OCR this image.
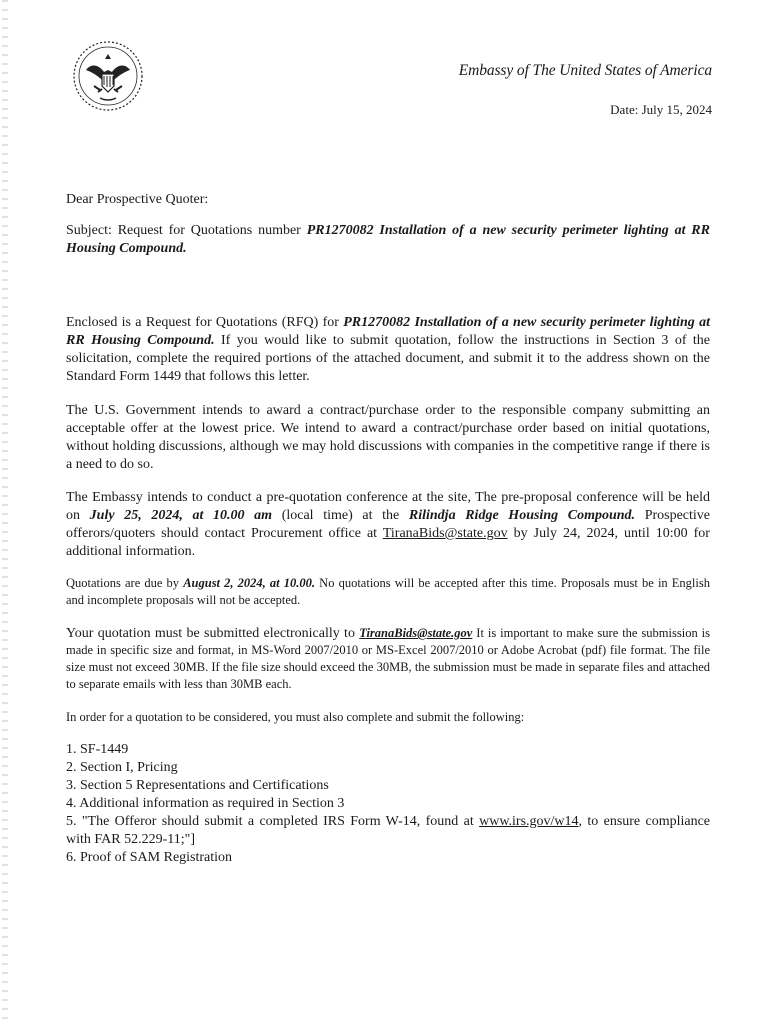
Embassy of The United States of America
Date: July 15, 2024
Dear Prospective Quoter:
Subject: Request for Quotations number PR1270082 Installation of a new security perimeter lighting at RR Housing Compound.
Enclosed is a Request for Quotations (RFQ) for PR1270082 Installation of a new security perimeter lighting at RR Housing Compound. If you would like to submit quotation, follow the instructions in Section 3 of the solicitation, complete the required portions of the attached document, and submit it to the address shown on the Standard Form 1449 that follows this letter.
The U.S. Government intends to award a contract/purchase order to the responsible company submitting an acceptable offer at the lowest price. We intend to award a contract/purchase order based on initial quotations, without holding discussions, although we may hold discussions with companies in the competitive range if there is a need to do so.
The Embassy intends to conduct a pre-quotation conference at the site, The pre-proposal conference will be held on July 25, 2024, at 10.00 am (local time) at the Rilindja Ridge Housing Compound. Prospective offerors/quoters should contact Procurement office at TiranaBids@state.gov by July 24, 2024, until 10:00 for additional information.
Quotations are due by August 2, 2024, at 10.00. No quotations will be accepted after this time. Proposals must be in English and incomplete proposals will not be accepted.
Your quotation must be submitted electronically to TiranaBids@state.gov It is important to make sure the submission is made in specific size and format, in MS-Word 2007/2010 or MS-Excel 2007/2010 or Adobe Acrobat (pdf) file format. The file size must not exceed 30MB. If the file size should exceed the 30MB, the submission must be made in separate files and attached to separate emails with less than 30MB each.
In order for a quotation to be considered, you must also complete and submit the following:
1. SF-1449
2. Section I, Pricing
3. Section 5 Representations and Certifications
4. Additional information as required in Section 3
5. "The Offeror should submit a completed IRS Form W-14, found at www.irs.gov/w14, to ensure compliance with FAR 52.229-11;"]
6. Proof of SAM Registration
